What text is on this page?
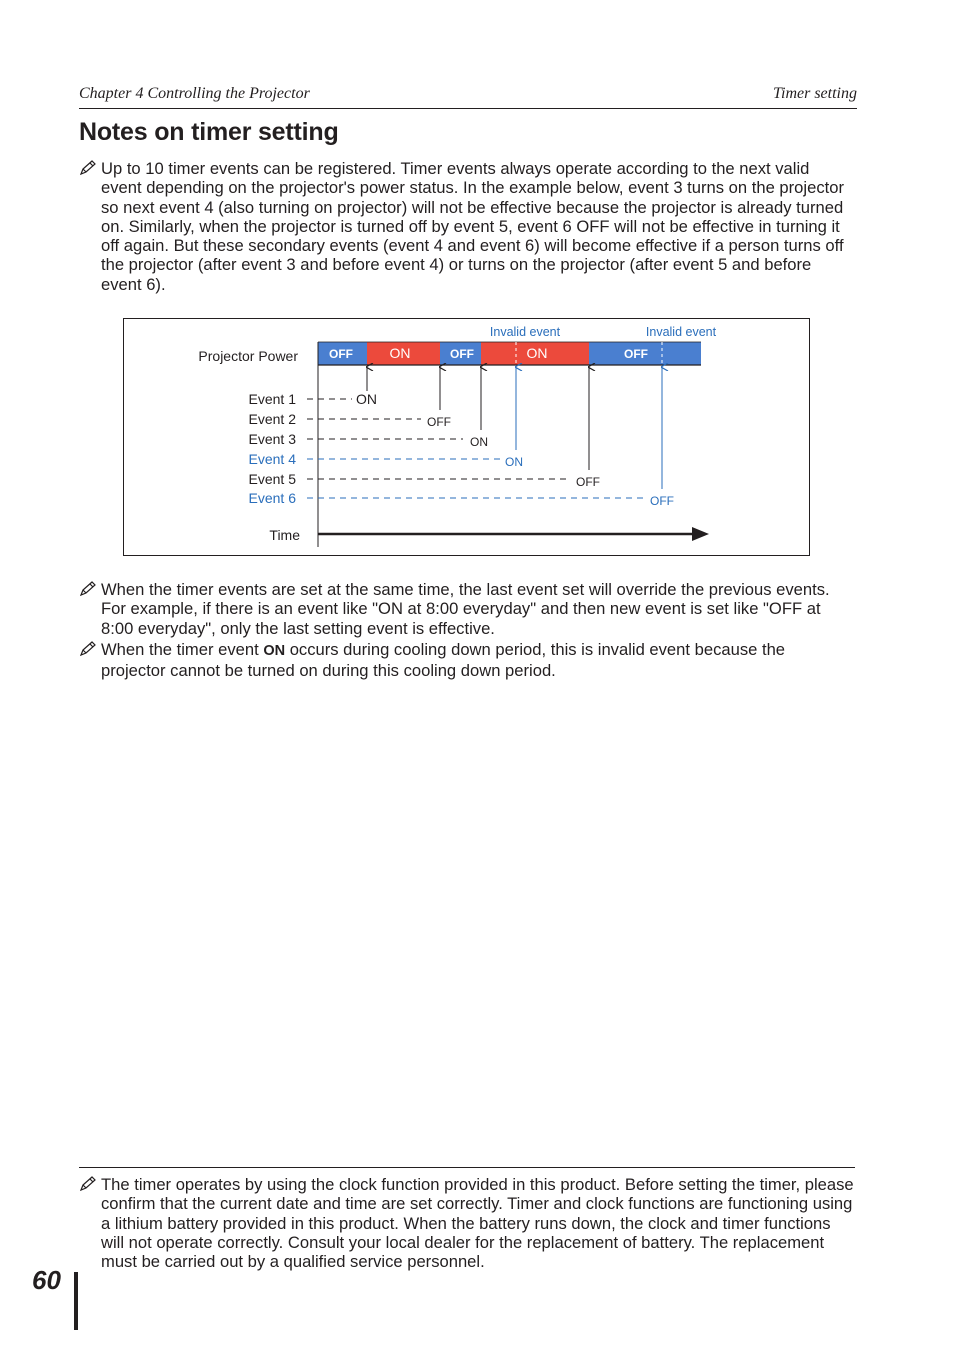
Chapter 4 Controlling the Projector	Timer setting
Notes on timer setting
Up to 10 timer events can be registered. Timer events always operate according to the next valid event depending on the projector's power status. In the example below, event 3 turns on the projector so next event 4 (also turning on projector) will not be effective because the projector is already turned on. Similarly, when the projector is turned off by event 5, event 6 OFF will not be effective in turning it off again. But these secondary events (event 4 and event 6) will become effective if a person turns off the projector (after event 3 and before event 4) or turns on the projector (after event 5 and before event 6).
Projector Power
Invalid event	Invalid event
OFF	ON	OFF	ON	OFF
Event 1	ON
Event 2	OFF
Event 3	ON
Event 4	ON
Event 5	OFF
Event 6	OFF
Time
When the timer events are set at the same time, the last event set will override the previous events. For example, if there is an event like "ON at 8:00 everyday" and then new event is set like "OFF at 8:00 everyday", only the last setting event is effective.
When the timer event ON occurs during cooling down period, this is invalid event because the projector cannot be turned on during this cooling down period.
The timer operates by using the clock function provided in this product. Before setting the timer, please confirm that the current date and time are set correctly. Timer and clock functions are functioning using a lithium battery provided in this product. When the battery runs down, the clock and timer functions will not operate correctly. Consult your local dealer for the replacement of battery. The replacement must be carried out by a qualified service personnel.
60
